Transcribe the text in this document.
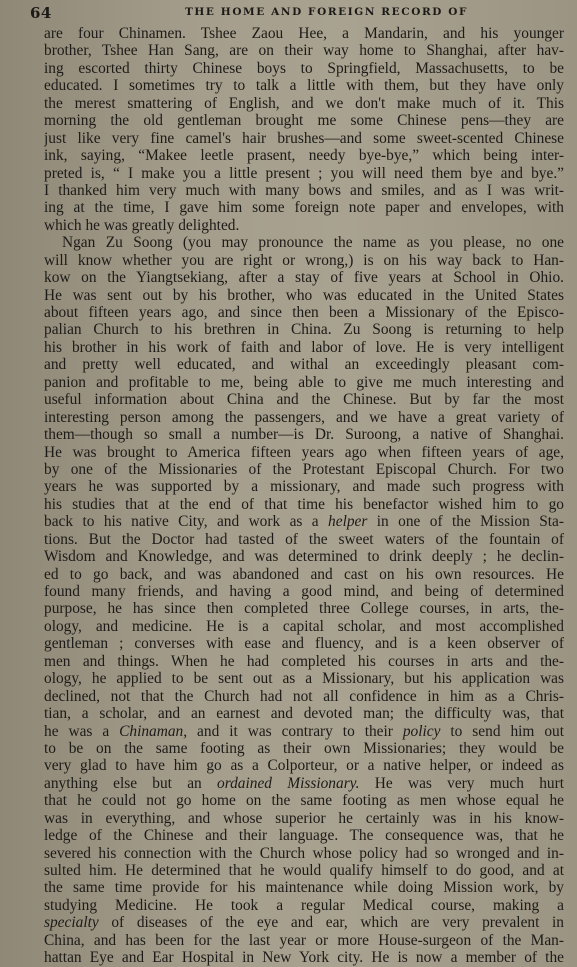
64	THE HOME AND FOREIGN RECORD OF
are four Chinamen. Tshee Zaou Hee, a Mandarin, and his younger
brother, Tshee Han Sang, are on their way home to Shanghai, after hav-
ing escorted thirty Chinese boys to Springfield, Massachusetts, to be
educated. I sometimes try to talk a little with them, but they have only
the merest smattering of English, and we don't make much of it. This
morning the old gentleman brought me some Chinese pens—they are
just like very fine camel's hair brushes—and some sweet-scented Chinese
ink, saying, “Makee leetle prasent, needy bye-bye,” which being inter-
preted is, “ I make you a little present ; you will need them bye and bye.”
I thanked him very much with many bows and smiles, and as I was writ-
ing at the time, I gave him some foreign note paper and envelopes, with
which he was greatly delighted.
Ngan Zu Soong (you may pronounce the name as you please, no one
will know whether you are right or wrong,) is on his way back to Han-
kow on the Yiangtsekiang, after a stay of five years at School in Ohio.
He was sent out by his brother, who was educated in the United States
about fifteen years ago, and since then been a Missionary of the Episco-
palian Church to his brethren in China. Zu Soong is returning to help
his brother in his work of faith and labor of love. He is very intelligent
and pretty well educated, and withal an exceedingly pleasant com-
panion and profitable to me, being able to give me much interesting and
useful information about China and the Chinese. But by far the most
interesting person among the passengers, and we have a great variety of
them—though so small a number—is Dr. Suroong, a native of Shanghai.
He was brought to America fifteen years ago when fifteen years of age,
by one of the Missionaries of the Protestant Episcopal Church. For two
years he was supported by a missionary, and made such progress with
his studies that at the end of that time his benefactor wished him to go
back to his native City, and work as a helper in one of the Mission Sta-
tions. But the Doctor had tasted of the sweet waters of the fountain of
Wisdom and Knowledge, and was determined to drink deeply ; he declin-
ed to go back, and was abandoned and cast on his own resources. He
found many friends, and having a good mind, and being of determined
purpose, he has since then completed three College courses, in arts, the-
ology, and medicine. He is a capital scholar, and most accomplished
gentleman ; converses with ease and fluency, and is a keen observer of
men and things. When he had completed his courses in arts and the-
ology, he applied to be sent out as a Missionary, but his application was
declined, not that the Church had not all confidence in him as a Chris-
tian, a scholar, and an earnest and devoted man; the difficulty was, that
he was a Chinaman, and it was contrary to their policy to send him out
to be on the same footing as their own Missionaries; they would be
very glad to have him go as a Colporteur, or a native helper, or indeed as
anything else but an ordained Missionary. He was very much hurt
that he could not go home on the same footing as men whose equal he
was in everything, and whose superior he certainly was in his know-
ledge of the Chinese and their language. The consequence was, that he
severed his connection with the Church whose policy had so wronged and in-
sulted him. He determined that he would qualify himself to do good, and at
the same time provide for his maintenance while doing Mission work, by
studying Medicine. He took a regular Medical course, making a
specialty of diseases of the eye and ear, which are very prevalent in
China, and has been for the last year or more House-surgeon of the Man-
hattan Eye and Ear Hospital in New York city. He is now a member of the
